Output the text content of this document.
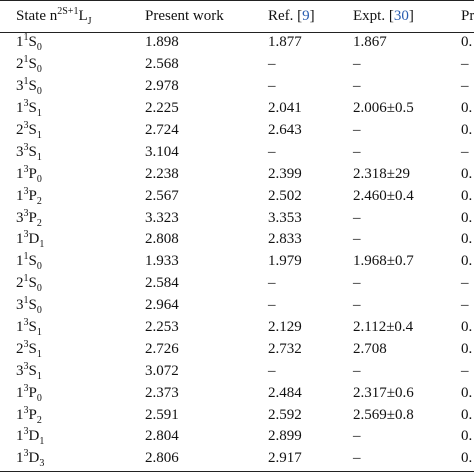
State $n^{2S+1}L_J$	Present work	Ref. [9]	Expt. [30]	Pr
$1^1S_0$	1.898	1.877	1.867	0.
$2^1S_0$	2.568	–	–	–
$3^1S_0$	2.978	–	–	–
$1^3S_1$	2.225	2.041	2.006±0.5	0.
$2^3S_1$	2.724	2.643	–	0.
$3^3S_1$	3.104	–	–	–
$1^3P_0$	2.238	2.399	2.318±29	0.
$1^3P_2$	2.567	2.502	2.460±0.4	0.
$3^3P_2$	3.323	3.353	–	0.
$1^3D_1$	2.808	2.833	–	0.
$1^1S_0$	1.933	1.979	1.968±0.7	0.
$2^1S_0$	2.584	–	–	–
$3^1S_0$	2.964	–	–	–
$1^3S_1$	2.253	2.129	2.112±0.4	0.
$2^3S_1$	2.726	2.732	2.708	0.
$3^3S_1$	3.072	–	–	–
$1^3P_0$	2.373	2.484	2.317±0.6	0.
$1^3P_2$	2.591	2.592	2.569±0.8	0.
$1^3D_1$	2.804	2.899	–	0.
$1^3D_3$	2.806	2.917	–	0.
